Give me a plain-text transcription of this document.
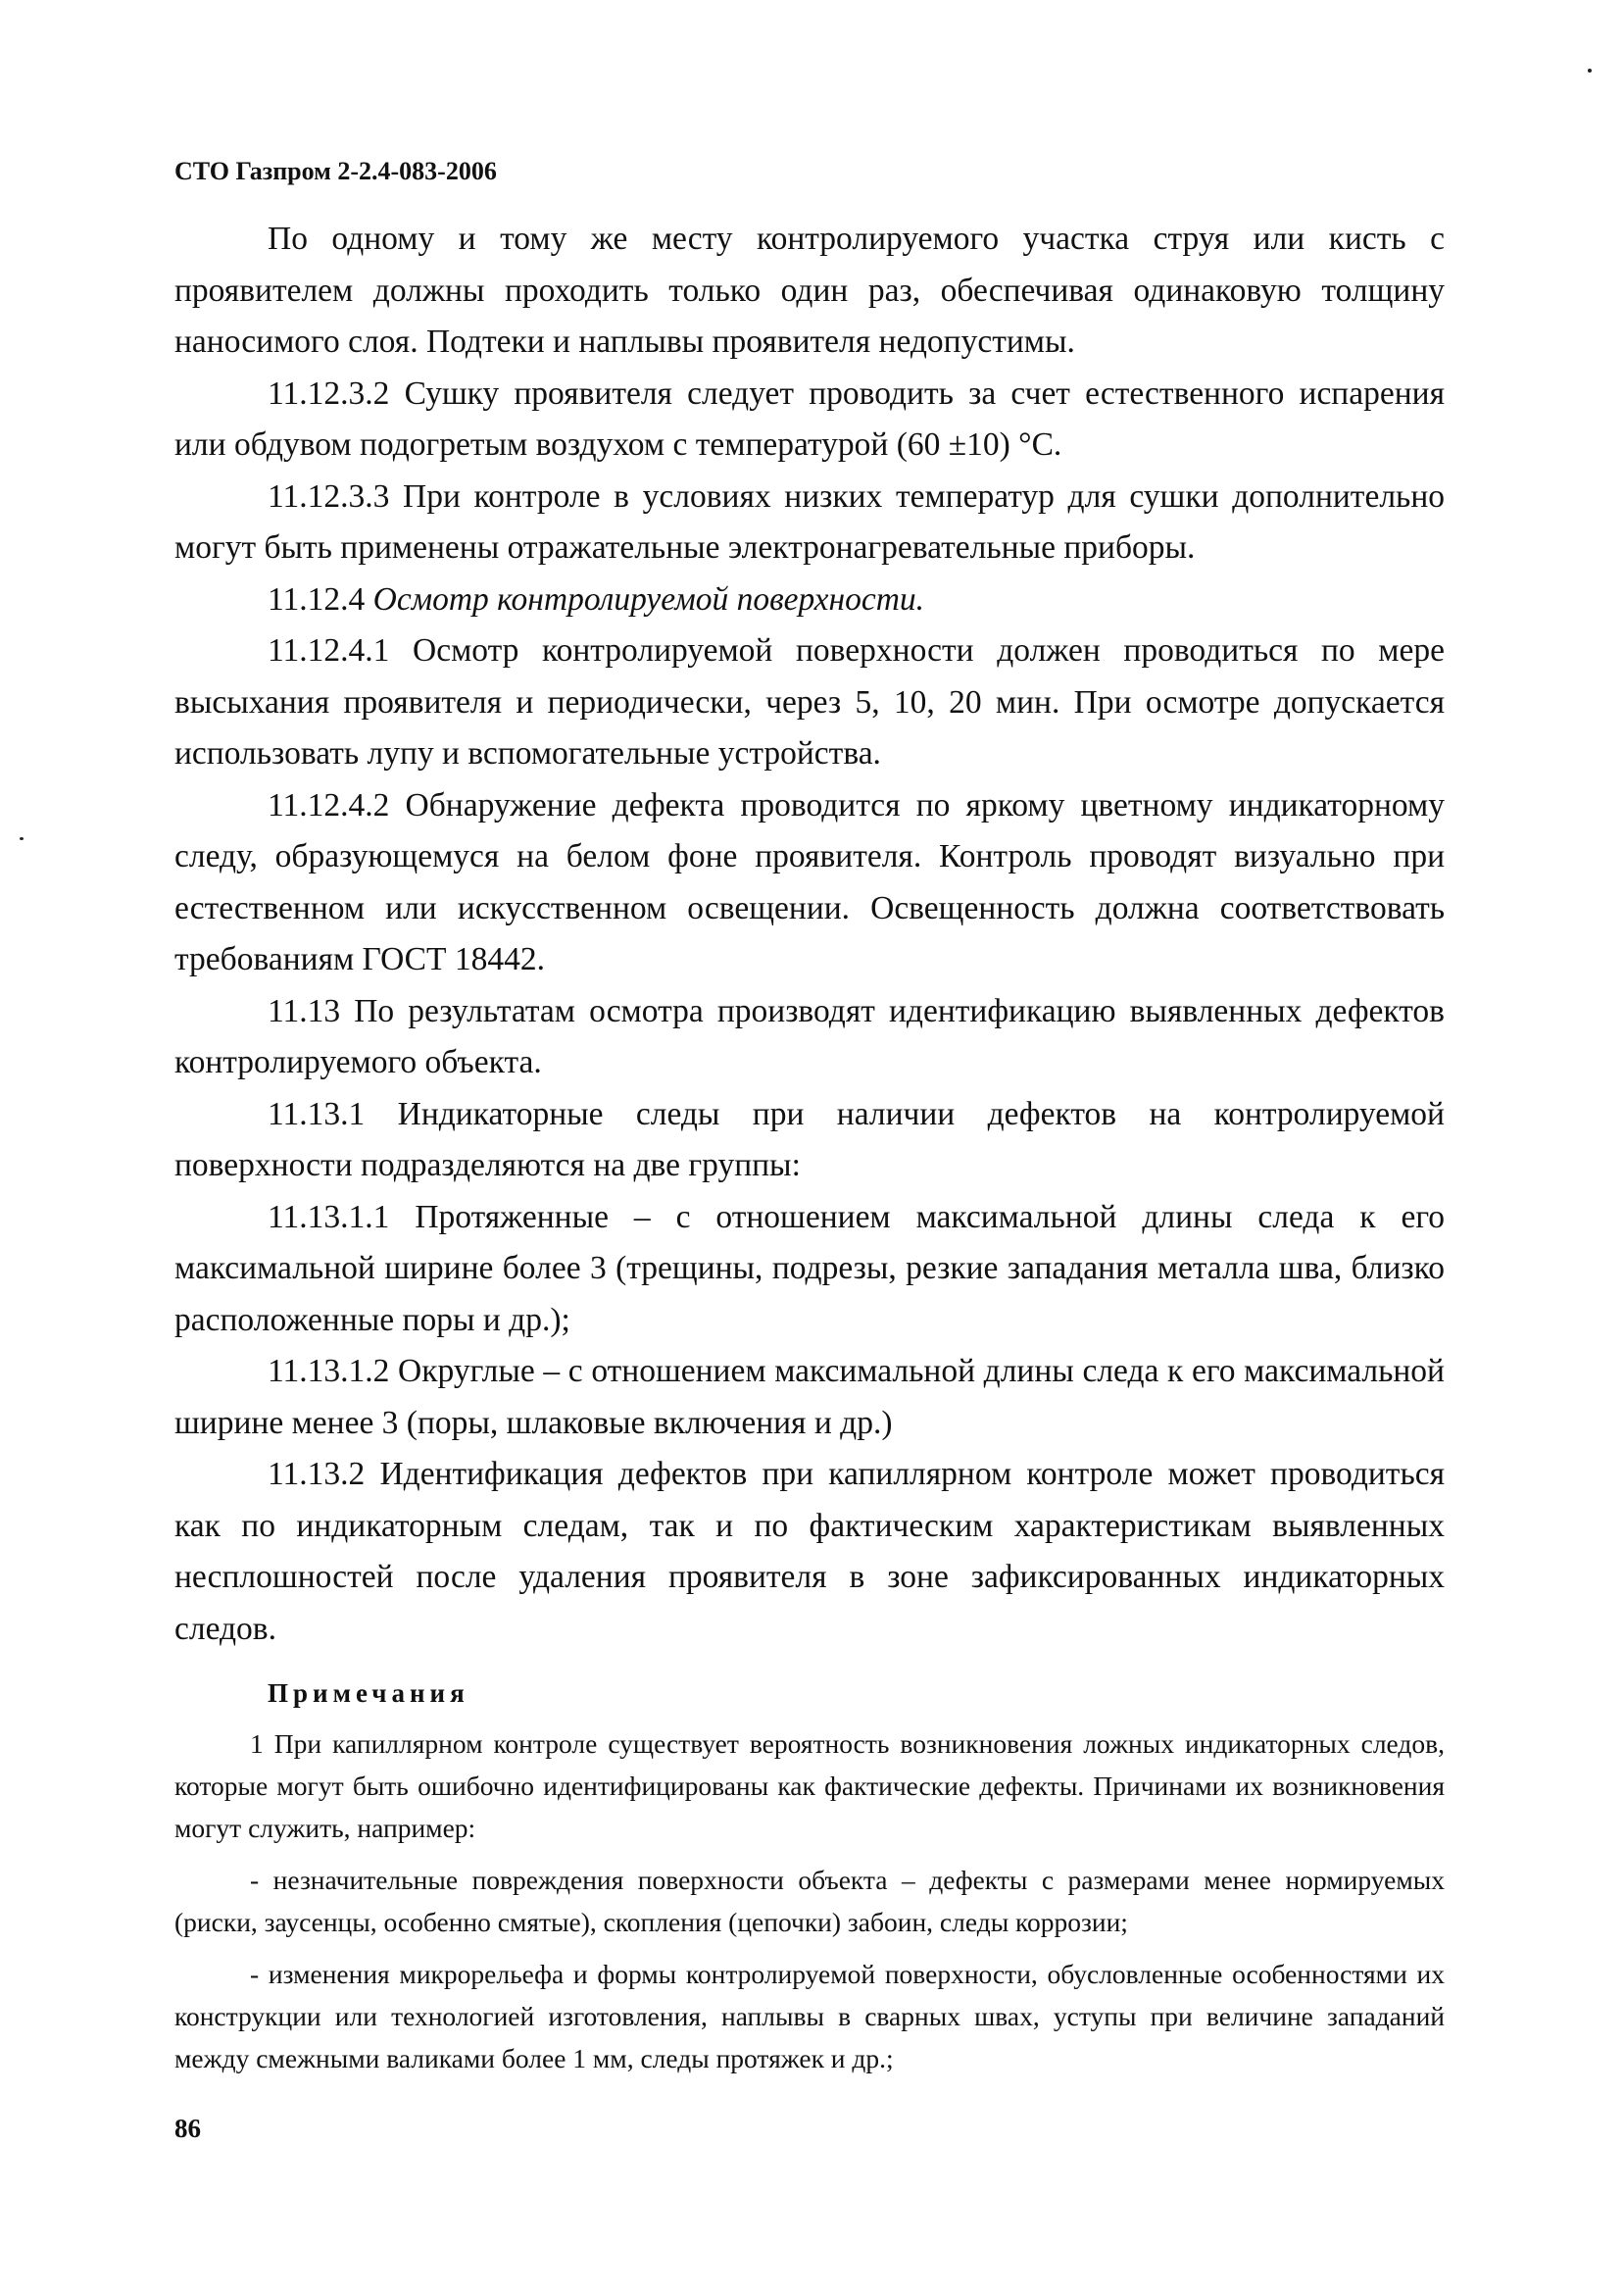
СТО Газпром 2-2.4-083-2006

По одному и тому же месту контролируемого участка струя или кисть с проявителем должны проходить только один раз, обеспечивая одинаковую толщину наносимого слоя. Подтеки и наплывы проявителя недопустимы.

11.12.3.2 Сушку проявителя следует проводить за счет естественного испарения или обдувом подогретым воздухом с температурой (60 ±10) °С.

11.12.3.3 При контроле в условиях низких температур для сушки дополнительно могут быть применены отражательные электронагревательные приборы.

11.12.4 Осмотр контролируемой поверхности.

11.12.4.1 Осмотр контролируемой поверхности должен проводиться по мере высыхания проявителя и периодически, через 5, 10, 20 мин. При осмотре допускается использовать лупу и вспомогательные устройства.

11.12.4.2 Обнаружение дефекта проводится по яркому цветному индикаторному следу, образующемуся на белом фоне проявителя. Контроль проводят визуально при естественном или искусственном освещении. Освещенность должна соответствовать требованиям ГОСТ 18442.

11.13 По результатам осмотра производят идентификацию выявленных дефектов контролируемого объекта.

11.13.1 Индикаторные следы при наличии дефектов на контролируемой поверхности подразделяются на две группы:

11.13.1.1 Протяженные – с отношением максимальной длины следа к его максимальной ширине более 3 (трещины, подрезы, резкие западания металла шва, близко расположенные поры и др.);

11.13.1.2 Округлые – с отношением максимальной длины следа к его максимальной ширине менее 3 (поры, шлаковые включения и др.)

11.13.2 Идентификация дефектов при капиллярном контроле может проводиться как по индикаторным следам, так и по фактическим характеристикам выявленных несплошностей после удаления проявителя в зоне зафиксированных индикаторных следов.

Примечания

1 При капиллярном контроле существует вероятность возникновения ложных индикаторных следов, которые могут быть ошибочно идентифицированы как фактические дефекты. Причинами их возникновения могут служить, например:

- незначительные повреждения поверхности объекта – дефекты с размерами менее нормируемых (риски, заусенцы, особенно смятые), скопления (цепочки) забоин, следы коррозии;

- изменения микрорельефа и формы контролируемой поверхности, обусловленные особенностями их конструкции или технологией изготовления, наплывы в сварных швах, уступы при величине западаний между смежными валиками более 1 мм, следы протяжек и др.;

86
